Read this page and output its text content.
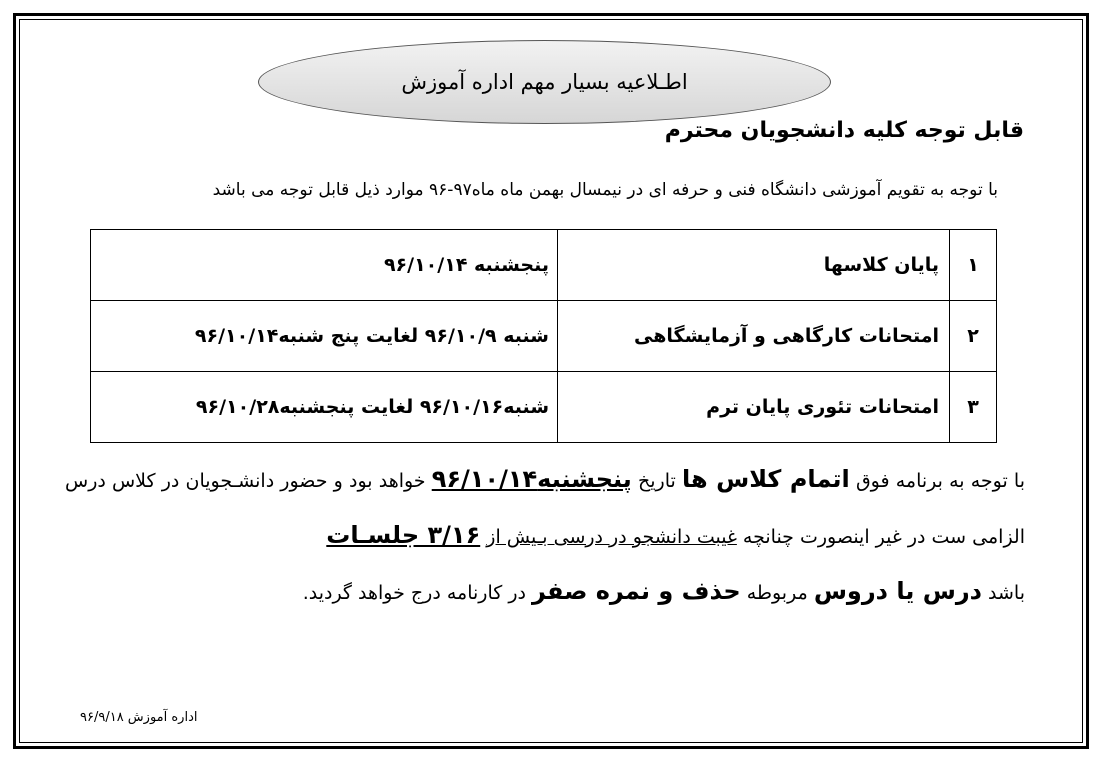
اطـلاعیه بسیار مهم اداره آموزش
قابل توجه کلیه دانشجویان محترم
با توجه به تقویم آموزشی دانشگاه فنی و حرفه ای در نیمسال بهمن ماه ماه۹۷-۹۶ موارد ذیل قابل توجه می باشد
۱	پایان کلاسها	پنجشنبه ۹۶/۱۰/۱۴
۲	امتحانات کارگاهی و آزمایشگاهی	شنبه ۹۶/۱۰/۹ لغایت پنج شنبه۹۶/۱۰/۱۴
۳	امتحانات تئوری پایان ترم	شنبه۹۶/۱۰/۱۶ لغایت پنجشنبه۹۶/۱۰/۲۸
با توجه به برنامه فوق اتمام کلاس ها تاریخ پنجشنبه۹۶/۱۰/۱۴ خواهد بود و حضور دانشـجویان در کلاس درس الزامی ست در غیر اینصورت چنانچه غیبت دانشجو در درسی بـیش از ۳/۱۶ جلسـات
باشد درس یا دروس مربوطه حذف و نمره صفر در کارنامه درج خواهد گردید.
اداره آموزش ۹۶/۹/۱۸
